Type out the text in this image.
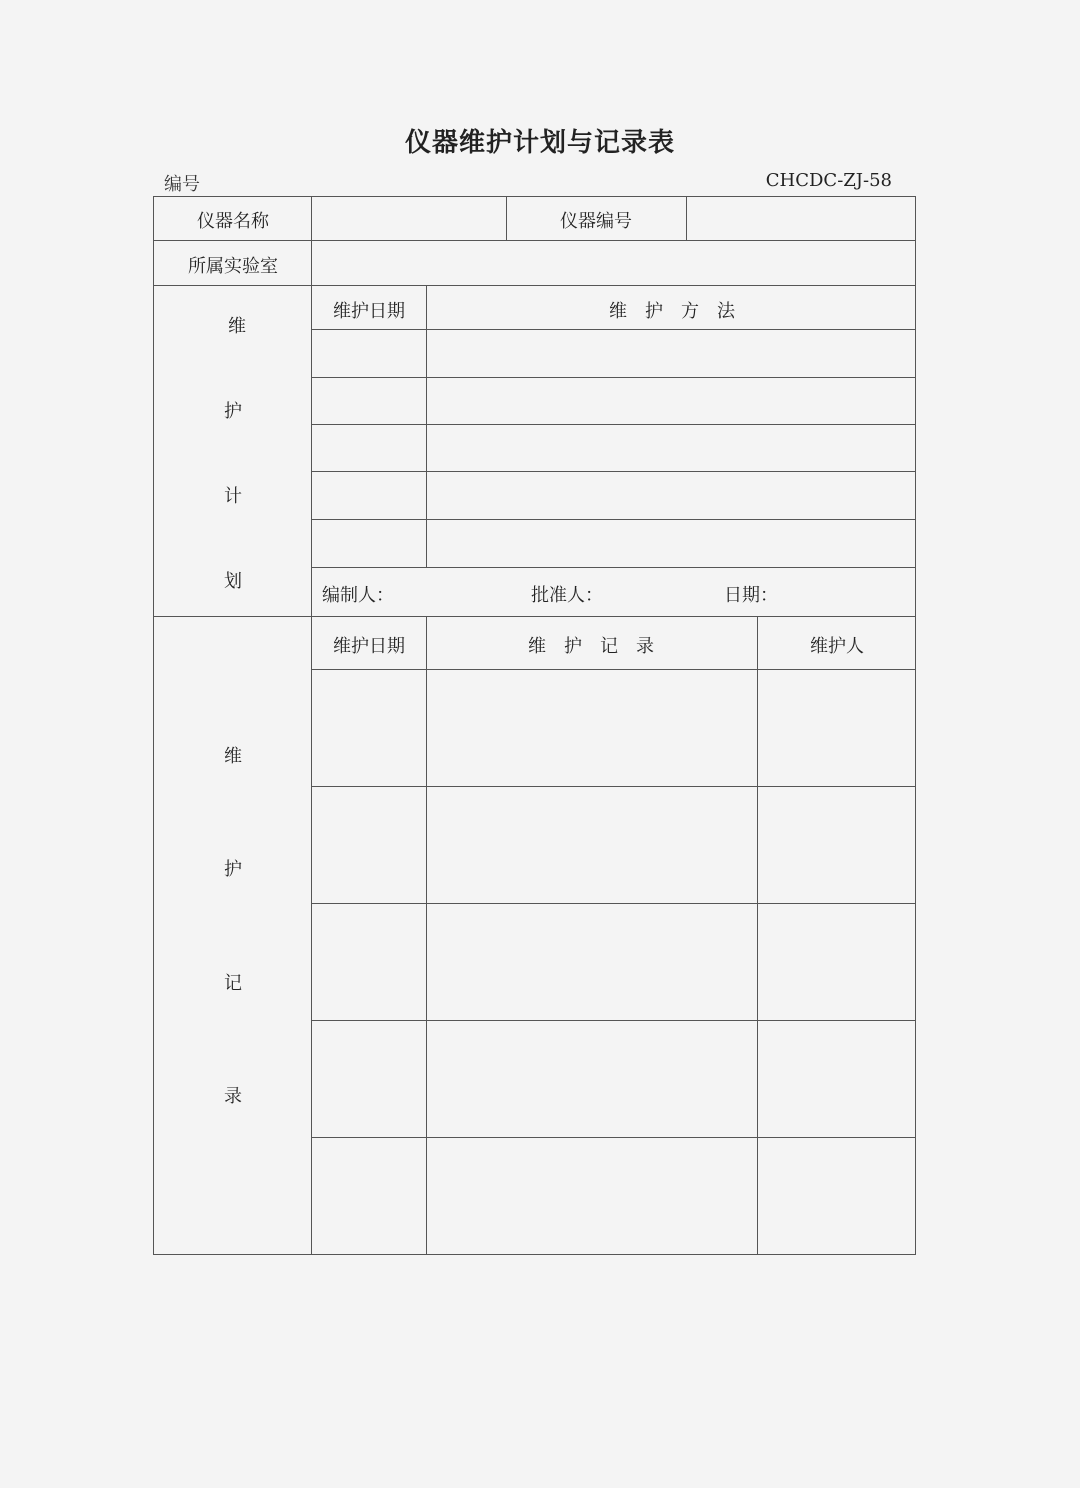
仪器维护计划与记录表
编号	CHCDC-ZJ-58
仪器名称	仪器编号
所属实验室
维
护
计
划
维护日期	维　护　方　法
编制人：	批准人：	日期：
维
护
记
录
维护日期	维　护　记　录	维护人
